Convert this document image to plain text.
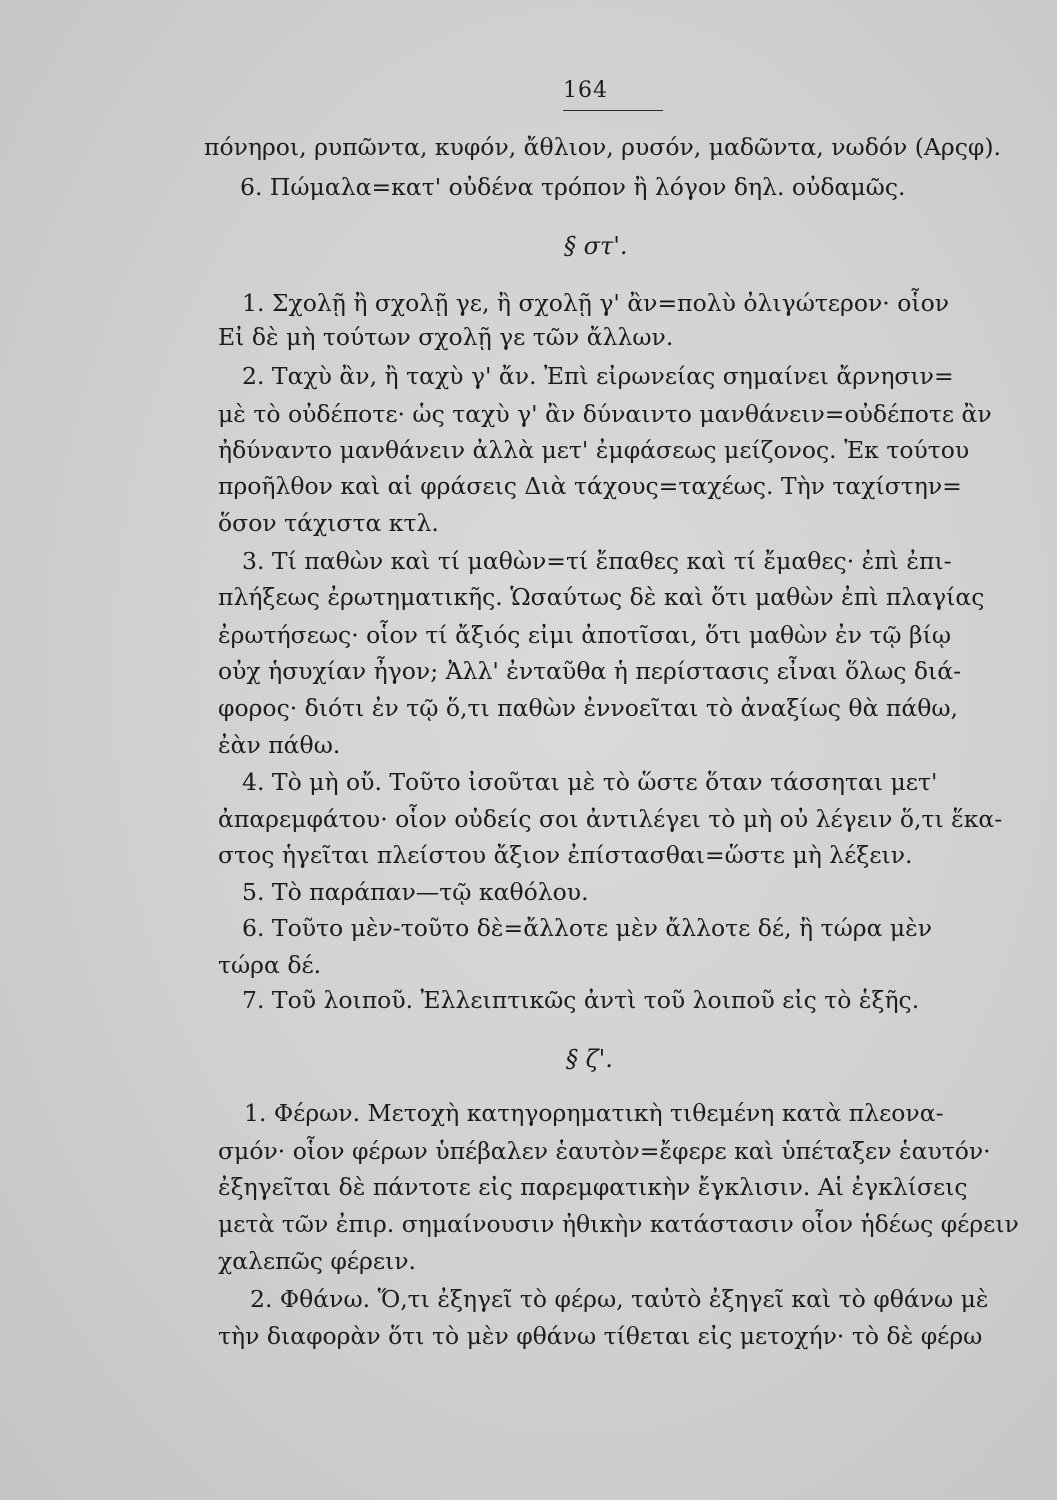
164
πόνηροι, ρυπῶντα, κυφόν, ἄθλιον, ρυσόν, μαδῶντα, νωδόν (Αρςφ).
6. Πώμαλα=κατ' οὐδένα τρόπον ἢ λόγον δηλ. οὐδαμῶς.
§ στ'.
1. Σχολῇ ἢ σχολῇ γε, ἢ σχολῇ γ' ἂν=πολὺ ὀλιγώτερον· οἷον
Εἰ δὲ μὴ τούτων σχολῇ γε τῶν ἄλλων.
2. Ταχὺ ἂν, ἢ ταχὺ γ' ἄν. Ἐπὶ εἰρωνείας σημαίνει ἄρνησιν=
μὲ τὸ οὐδέποτε· ὡς ταχὺ γ' ἂν δύναιντο μανθάνειν=οὐδέποτε ἂν
ἠδύναντο μανθάνειν ἀλλὰ μετ' ἐμφάσεως μείζονος. Ἐκ τούτου
προῆλθον καὶ αἱ φράσεις Διὰ τάχους=ταχέως. Τὴν ταχίστην=
ὅσον τάχιστα κτλ.
3. Τί παθὼν καὶ τί μαθὼν=τί ἔπαθες καὶ τί ἔμαθες· ἐπὶ ἐπι-
πλήξεως ἐρωτηματικῆς. Ὡσαύτως δὲ καὶ ὅτι μαθὼν ἐπὶ πλαγίας
ἐρωτήσεως· οἷον τί ἄξιός εἰμι ἀποτῖσαι, ὅτι μαθὼν ἐν τῷ βίῳ
οὐχ ἡσυχίαν ἦγον; Ἀλλ' ἐνταῦθα ἡ περίστασις εἶναι ὅλως διά-
φορος· διότι ἐν τῷ ὅ,τι παθὼν ἐννοεῖται τὸ ἀναξίως θὰ πάθω,
ἐὰν πάθω.
4. Τὸ μὴ οὔ. Τοῦτο ἰσοῦται μὲ τὸ ὥστε ὅταν τάσσηται μετ'
ἀπαρεμφάτου· οἷον οὐδείς σοι ἀντιλέγει τὸ μὴ οὐ λέγειν ὅ,τι ἕκα-
στος ἡγεῖται πλείστου ἄξιον ἐπίστασθαι=ὥστε μὴ λέξειν.
5. Τὸ παράπαν—τῷ καθόλου.
6. Τοῦτο μὲν-τοῦτο δὲ=ἄλλοτε μὲν ἄλλοτε δέ, ἢ τώρα μὲν
τώρα δέ.
7. Τοῦ λοιποῦ. Ἐλλειπτικῶς ἀντὶ τοῦ λοιποῦ εἰς τὸ ἑξῆς.
§ ζ'.
1. Φέρων. Μετοχὴ κατηγορηματικὴ τιθεμένη κατὰ πλεονα-
σμόν· οἷον φέρων ὑπέβαλεν ἑαυτὸν=ἔφερε καὶ ὑπέταξεν ἑαυτόν·
ἐξηγεῖται δὲ πάντοτε εἰς παρεμφατικὴν ἔγκλισιν. Αἱ ἐγκλίσεις
μετὰ τῶν ἐπιρ. σημαίνουσιν ἠθικὴν κατάστασιν οἷον ἡδέως φέρειν
χαλεπῶς φέρειν.
2. Φθάνω. Ὅ,τι ἐξηγεῖ τὸ φέρω, ταὐτὸ ἐξηγεῖ καὶ τὸ φθάνω μὲ
τὴν διαφορὰν ὅτι τὸ μὲν φθάνω τίθεται εἰς μετοχήν· τὸ δὲ φέρω
